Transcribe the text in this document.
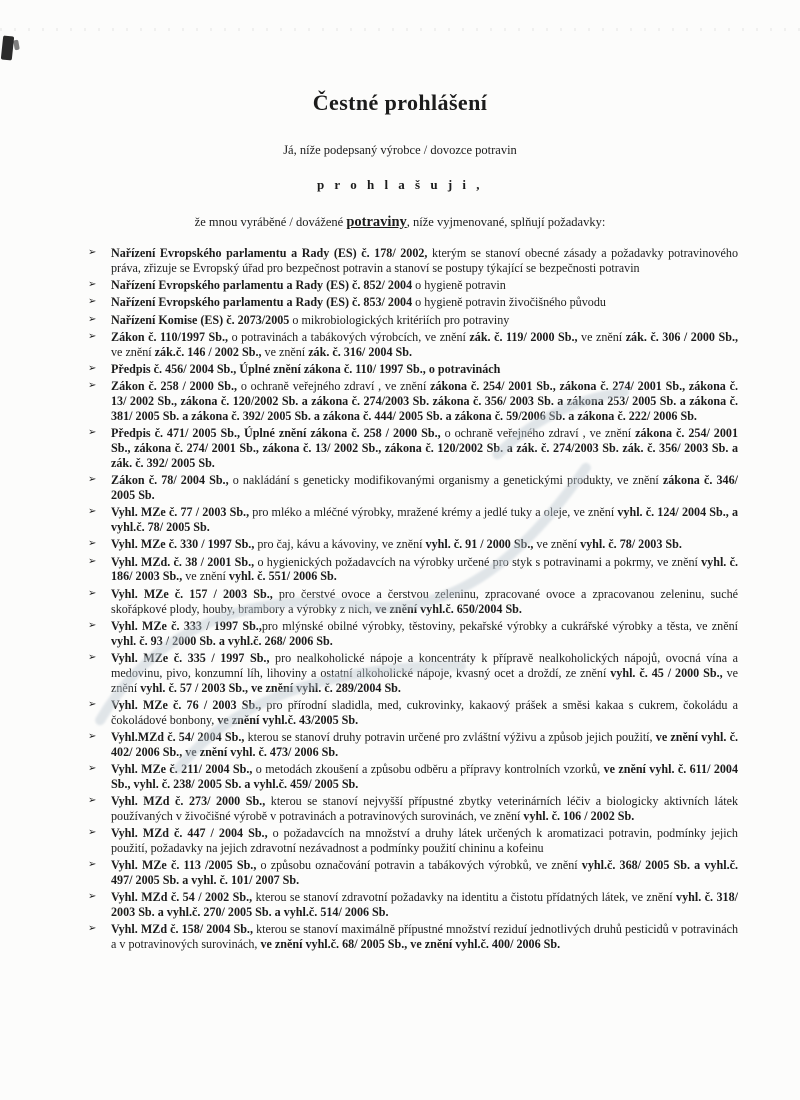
Čestné prohlášení
Já, níže podepsaný výrobce / dovozce potravin
p r o h l a š u j i ,
že mnou vyráběné / dovážené potraviny, níže vyjmenované, splňují požadavky:
➢	Nařízení Evropského parlamentu a Rady (ES) č. 178/ 2002, kterým se stanoví obecné zásady a požadavky potravinového práva, zřizuje se Evropský úřad pro bezpečnost potravin a stanoví se postupy týkající se bezpečnosti potravin
➢	Nařízení Evropského parlamentu a Rady (ES) č. 852/ 2004 o hygieně potravin
➢	Nařízení Evropského parlamentu a Rady (ES) č. 853/ 2004 o hygieně potravin živočišného původu
➢	Nařízení Komise (ES) č. 2073/2005 o mikrobiologických kritériích pro potraviny
➢	Zákon č. 110/1997 Sb., o potravinách a tabákových výrobcích, ve znění zák. č. 119/ 2000 Sb., ve znění zák. č. 306 / 2000 Sb., ve znění zák.č. 146 / 2002 Sb., ve znění zák. č. 316/ 2004 Sb.
➢	Předpis č. 456/ 2004 Sb., Úplné znění zákona č. 110/ 1997 Sb., o potravinách
➢	Zákon č. 258 / 2000 Sb., o ochraně veřejného zdraví , ve znění zákona č. 254/ 2001 Sb., zákona č. 274/ 2001 Sb., zákona č. 13/ 2002 Sb., zákona č. 120/2002 Sb. a zákona č. 274/2003 Sb. zákona č. 356/ 2003 Sb. a zákona 253/ 2005 Sb. a zákona č. 381/ 2005 Sb. a zákona č. 392/ 2005 Sb. a zákona č. 444/ 2005 Sb. a zákona č. 59/2006 Sb. a zákona č. 222/ 2006 Sb.
➢	Předpis č. 471/ 2005 Sb., Úplné znění zákona č. 258 / 2000 Sb., o ochraně veřejného zdraví , ve znění zákona č. 254/ 2001 Sb., zákona č. 274/ 2001 Sb., zákona č. 13/ 2002 Sb., zákona č. 120/2002 Sb. a zák. č. 274/2003 Sb. zák. č. 356/ 2003 Sb. a zák. č. 392/ 2005 Sb.
➢	Zákon č. 78/ 2004 Sb., o nakládání s geneticky modifikovanými organismy a genetickými produkty, ve znění zákona č. 346/ 2005 Sb.
➢	Vyhl. MZe č. 77 / 2003 Sb., pro mléko a mléčné výrobky, mražené krémy a jedlé tuky a oleje, ve znění vyhl. č. 124/ 2004 Sb., a vyhl.č. 78/ 2005 Sb.
➢	Vyhl. MZe č. 330 / 1997 Sb., pro čaj, kávu a kávoviny, ve znění vyhl. č. 91 / 2000 Sb., ve znění vyhl. č. 78/ 2003 Sb.
➢	Vyhl. MZd. č. 38 / 2001 Sb., o hygienických požadavcích na výrobky určené pro styk s potravinami a pokrmy, ve znění vyhl. č. 186/ 2003 Sb., ve znění vyhl. č. 551/ 2006 Sb.
➢	Vyhl. MZe č. 157 / 2003 Sb., pro čerstvé ovoce a čerstvou zeleninu, zpracované ovoce a zpracovanou zeleninu, suché skořápkové plody, houby, brambory a výrobky z nich, ve znění vyhl.č. 650/2004 Sb.
➢	Vyhl. MZe č. 333 / 1997 Sb.,pro mlýnské obilné výrobky, těstoviny, pekařské výrobky a cukrářské výrobky a těsta, ve znění vyhl. č. 93 / 2000 Sb. a vyhl.č. 268/ 2006 Sb.
➢	Vyhl. MZe č. 335 / 1997 Sb., pro nealkoholické nápoje a koncentráty k přípravě nealkoholických nápojů, ovocná vína a medovinu, pivo, konzumní líh, lihoviny a ostatní alkoholické nápoje, kvasný ocet a droždí, ze znění vyhl. č. 45 / 2000 Sb., ve znění vyhl. č. 57 / 2003 Sb., ve znění vyhl. č. 289/2004 Sb.
➢	Vyhl. MZe č. 76 / 2003 Sb., pro přírodní sladidla, med, cukrovinky, kakaový prášek a směsi kakaa s cukrem, čokoládu a čokoládové bonbony, ve znění vyhl.č. 43/2005 Sb.
➢	Vyhl.MZd č. 54/ 2004 Sb., kterou se stanoví druhy potravin určené pro zvláštní výživu a způsob jejich použití, ve znění vyhl. č. 402/ 2006 Sb., ve znění vyhl. č. 473/ 2006 Sb.
➢	Vyhl. MZe č. 211/ 2004 Sb., o metodách zkoušení a způsobu odběru a přípravy kontrolních vzorků, ve znění vyhl. č. 611/ 2004 Sb., vyhl. č. 238/ 2005 Sb. a vyhl.č. 459/ 2005 Sb.
➢	Vyhl. MZd č. 273/ 2000 Sb., kterou se stanoví nejvyšší přípustné zbytky veterinárních léčiv a biologicky aktivních látek používaných v živočišné výrobě v potravinách a potravinových surovinách, ve znění vyhl. č. 106 / 2002 Sb.
➢	Vyhl. MZd č. 447 / 2004 Sb., o požadavcích na množství a druhy látek určených k aromatizaci potravin, podmínky jejich použití, požadavky na jejich zdravotní nezávadnost a podmínky použití chininu a kofeinu
➢	Vyhl. MZe č. 113 /2005 Sb., o způsobu označování potravin a tabákových výrobků, ve znění vyhl.č. 368/ 2005 Sb. a vyhl.č. 497/ 2005 Sb. a vyhl. č. 101/ 2007 Sb.
➢	Vyhl. MZd č. 54 / 2002 Sb., kterou se stanoví zdravotní požadavky na identitu a čistotu přídatných látek, ve znění vyhl. č. 318/ 2003 Sb. a vyhl.č. 270/ 2005 Sb. a vyhl.č. 514/ 2006 Sb.
➢	Vyhl. MZd č. 158/ 2004 Sb., kterou se stanoví maximálně přípustné množství reziduí jednotlivých druhů pesticidů v potravinách a v potravinových surovinách, ve znění vyhl.č. 68/ 2005 Sb., ve znění vyhl.č. 400/ 2006 Sb.
